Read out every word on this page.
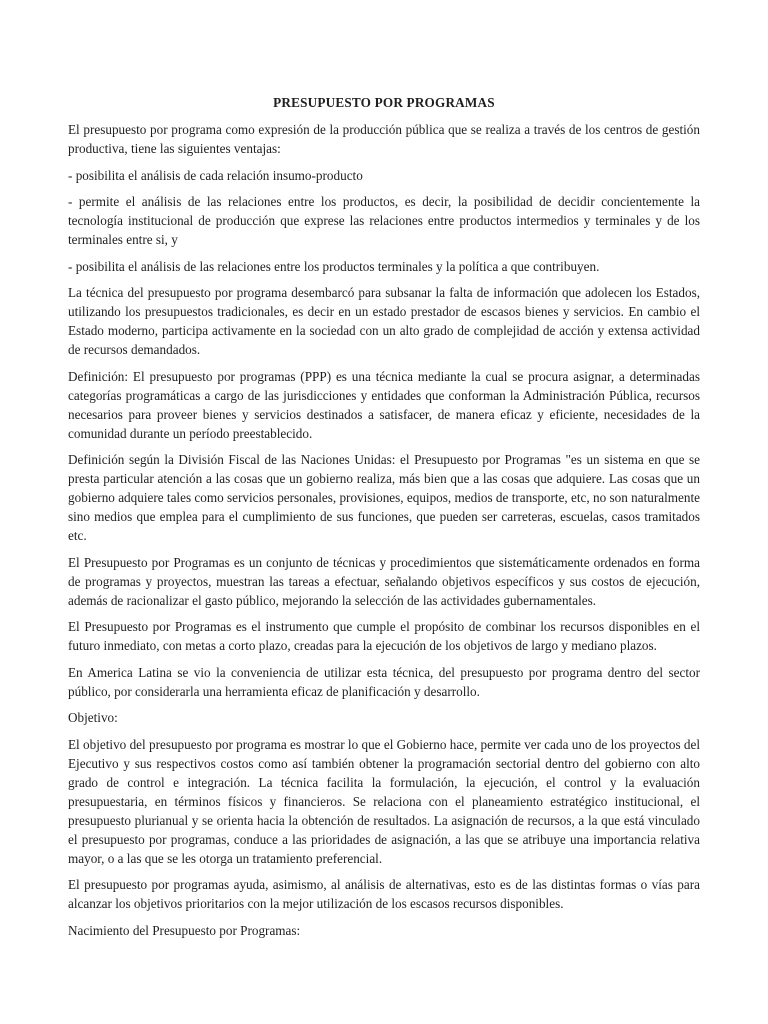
PRESUPUESTO POR PROGRAMAS

El presupuesto por programa como expresión de la producción pública que se realiza a través de los centros de gestión productiva, tiene las siguientes ventajas:

- posibilita el análisis de cada relación insumo-producto

- permite el análisis de las relaciones entre los productos, es decir, la posibilidad de decidir concientemente la tecnología institucional de producción que exprese las relaciones entre productos intermedios y terminales y de los terminales entre si, y

- posibilita el análisis de las relaciones entre los productos terminales y la política a que contribuyen.

La técnica del presupuesto por programa desembarcó para subsanar la falta de información que adolecen los Estados, utilizando los presupuestos tradicionales, es decir en un estado prestador de escasos bienes y servicios. En cambio el Estado moderno, participa activamente en la sociedad con un alto grado de complejidad de acción y extensa actividad de recursos demandados.

Definición: El presupuesto por programas (PPP) es una técnica mediante la cual se procura asignar, a determinadas categorías programáticas a cargo de las jurisdicciones y entidades que conforman la Administración Pública, recursos necesarios para proveer bienes y servicios destinados a satisfacer, de manera eficaz y eficiente, necesidades de la comunidad durante un período preestablecido.

Definición según la División Fiscal de las Naciones Unidas: el Presupuesto por Programas "es un sistema en que se presta particular atención a las cosas que un gobierno realiza, más bien que a las cosas que adquiere. Las cosas que un gobierno adquiere tales como servicios personales, provisiones, equipos, medios de transporte, etc, no son naturalmente sino medios que emplea para el cumplimiento de sus funciones, que pueden ser carreteras, escuelas, casos tramitados etc.

El Presupuesto por Programas es un conjunto de técnicas y procedimientos que sistemáticamente ordenados en forma de programas y proyectos, muestran las tareas a efectuar, señalando objetivos específicos y sus costos de ejecución, además de racionalizar el gasto público, mejorando la selección de las actividades gubernamentales.

El Presupuesto por Programas es el instrumento que cumple el propósito de combinar los recursos disponibles en el futuro inmediato, con metas a corto plazo, creadas para la ejecución de los objetivos de largo y mediano plazos.

En America Latina se vio la conveniencia de utilizar esta técnica, del presupuesto por programa dentro del sector público, por considerarla una herramienta eficaz de planificación y desarrollo.

Objetivo:

El objetivo del presupuesto por programa es mostrar lo que el Gobierno hace, permite ver cada uno de los proyectos del Ejecutivo y sus respectivos costos como así también obtener la programación sectorial dentro del gobierno con alto grado de control e integración. La técnica facilita la formulación, la ejecución, el control y la evaluación presupuestaria, en términos físicos y financieros. Se relaciona con el planeamiento estratégico institucional, el presupuesto plurianual y se orienta hacia la obtención de resultados. La asignación de recursos, a la que está vinculado el presupuesto por programas, conduce a las prioridades de asignación, a las que se atribuye una importancia relativa mayor, o a las que se les otorga un tratamiento preferencial.

El presupuesto por programas ayuda, asimismo, al análisis de alternativas, esto es de las distintas formas o vías para alcanzar los objetivos prioritarios con la mejor utilización de los escasos recursos disponibles.

Nacimiento del Presupuesto por Programas:
